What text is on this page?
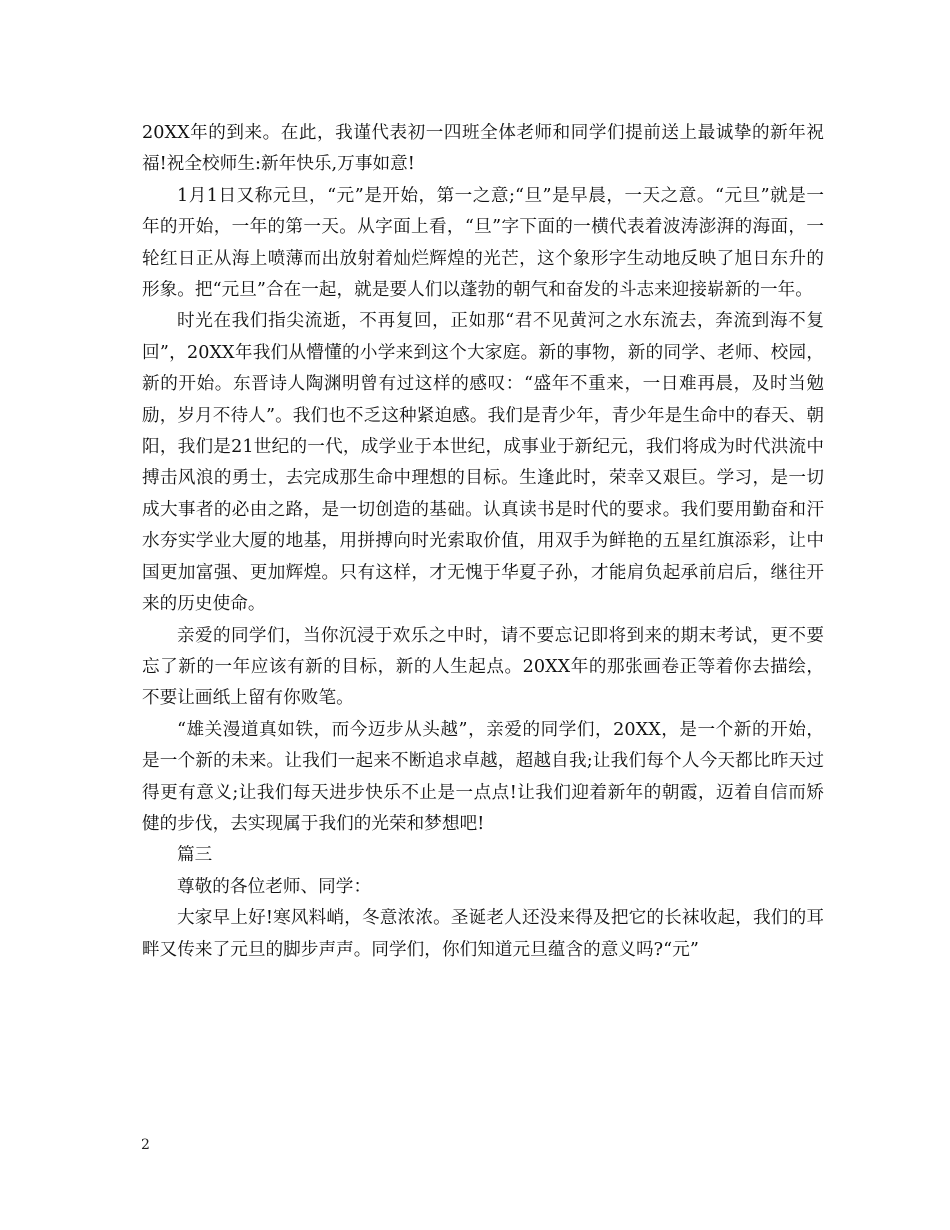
20XX年的到来。在此，我谨代表初一四班全体老师和同学们提前送上最诚挚的新年祝福!祝全校师生:新年快乐,万事如意!

1月1日又称元旦，“元”是开始，第一之意;“旦”是早晨，一天之意。“元旦”就是一年的开始，一年的第一天。从字面上看，“旦”字下面的一横代表着波涛澎湃的海面，一轮红日正从海上喷薄而出放射着灿烂辉煌的光芒，这个象形字生动地反映了旭日东升的形象。把“元旦”合在一起，就是要人们以蓬勃的朝气和奋发的斗志来迎接崭新的一年。

时光在我们指尖流逝，不再复回，正如那“君不见黄河之水东流去，奔流到海不复回”，20XX年我们从懵懂的小学来到这个大家庭。新的事物，新的同学、老师、校园，新的开始。东晋诗人陶渊明曾有过这样的感叹：“盛年不重来，一日难再晨，及时当勉励，岁月不待人”。我们也不乏这种紧迫感。我们是青少年，青少年是生命中的春天、朝阳，我们是21世纪的一代，成学业于本世纪，成事业于新纪元，我们将成为时代洪流中搏击风浪的勇士，去完成那生命中理想的目标。生逢此时，荣幸又艰巨。学习，是一切成大事者的必由之路，是一切创造的基础。认真读书是时代的要求。我们要用勤奋和汗水夯实学业大厦的地基，用拼搏向时光索取价值，用双手为鲜艳的五星红旗添彩，让中国更加富强、更加辉煌。只有这样，才无愧于华夏子孙，才能肩负起承前启后，继往开来的历史使命。

亲爱的同学们，当你沉浸于欢乐之中时，请不要忘记即将到来的期末考试，更不要忘了新的一年应该有新的目标，新的人生起点。20XX年的那张画卷正等着你去描绘，不要让画纸上留有你败笔。

“雄关漫道真如铁，而今迈步从头越”，亲爱的同学们，20XX，是一个新的开始，是一个新的未来。让我们一起来不断追求卓越，超越自我;让我们每个人今天都比昨天过得更有意义;让我们每天进步快乐不止是一点点!让我们迎着新年的朝霞，迈着自信而矫健的步伐，去实现属于我们的光荣和梦想吧!

篇三

尊敬的各位老师、同学：

大家早上好!寒风料峭，冬意浓浓。圣诞老人还没来得及把它的长袜收起，我们的耳畔又传来了元旦的脚步声声。同学们，你们知道元旦蕴含的意义吗?“元”

2
